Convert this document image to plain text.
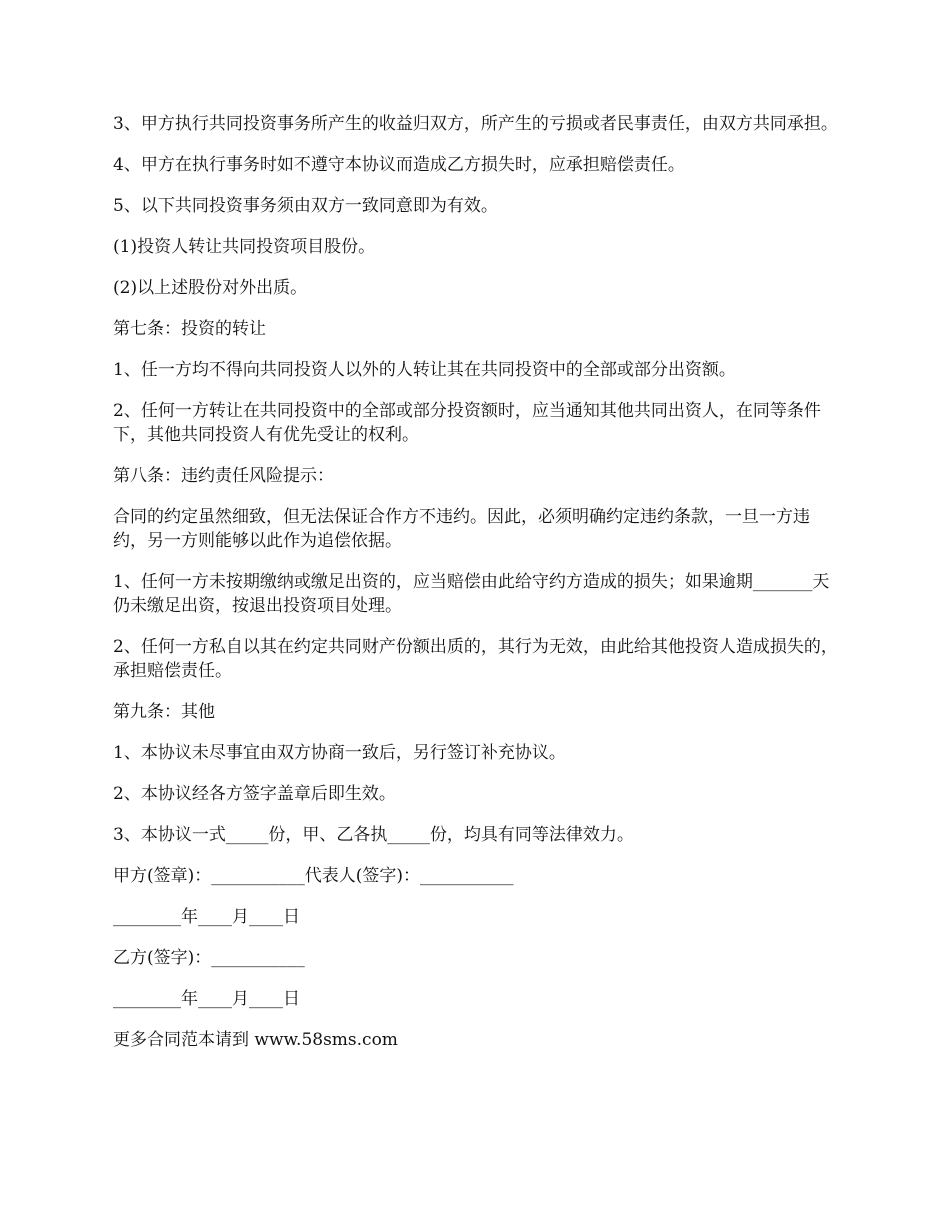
3、甲方执行共同投资事务所产生的收益归双方，所产生的亏损或者民事责任，由双方共同承担。

4、甲方在执行事务时如不遵守本协议而造成乙方损失时，应承担赔偿责任。

5、以下共同投资事务须由双方一致同意即为有效。

(1)投资人转让共同投资项目股份。

(2)以上述股份对外出质。

第七条：投资的转让

1、任一方均不得向共同投资人以外的人转让其在共同投资中的全部或部分出资额。

2、任何一方转让在共同投资中的全部或部分投资额时，应当通知其他共同出资人，在同等条件下，其他共同投资人有优先受让的权利。

第八条：违约责任风险提示：

合同的约定虽然细致，但无法保证合作方不违约。因此，必须明确约定违约条款，一旦一方违约，另一方则能够以此作为追偿依据。

1、任何一方未按期缴纳或缴足出资的，应当赔偿由此给守约方造成的损失；如果逾期_______天仍未缴足出资，按退出投资项目处理。

2、任何一方私自以其在约定共同财产份额出质的，其行为无效，由此给其他投资人造成损失的，承担赔偿责任。

第九条：其他

1、本协议未尽事宜由双方协商一致后，另行签订补充协议。

2、本协议经各方签字盖章后即生效。

3、本协议一式_____份，甲、乙各执_____份，均具有同等法律效力。

甲方(签章)：___________代表人(签字)：___________

________年____月____日

乙方(签字)：___________

________年____月____日

更多合同范本请到 www.58sms.com
